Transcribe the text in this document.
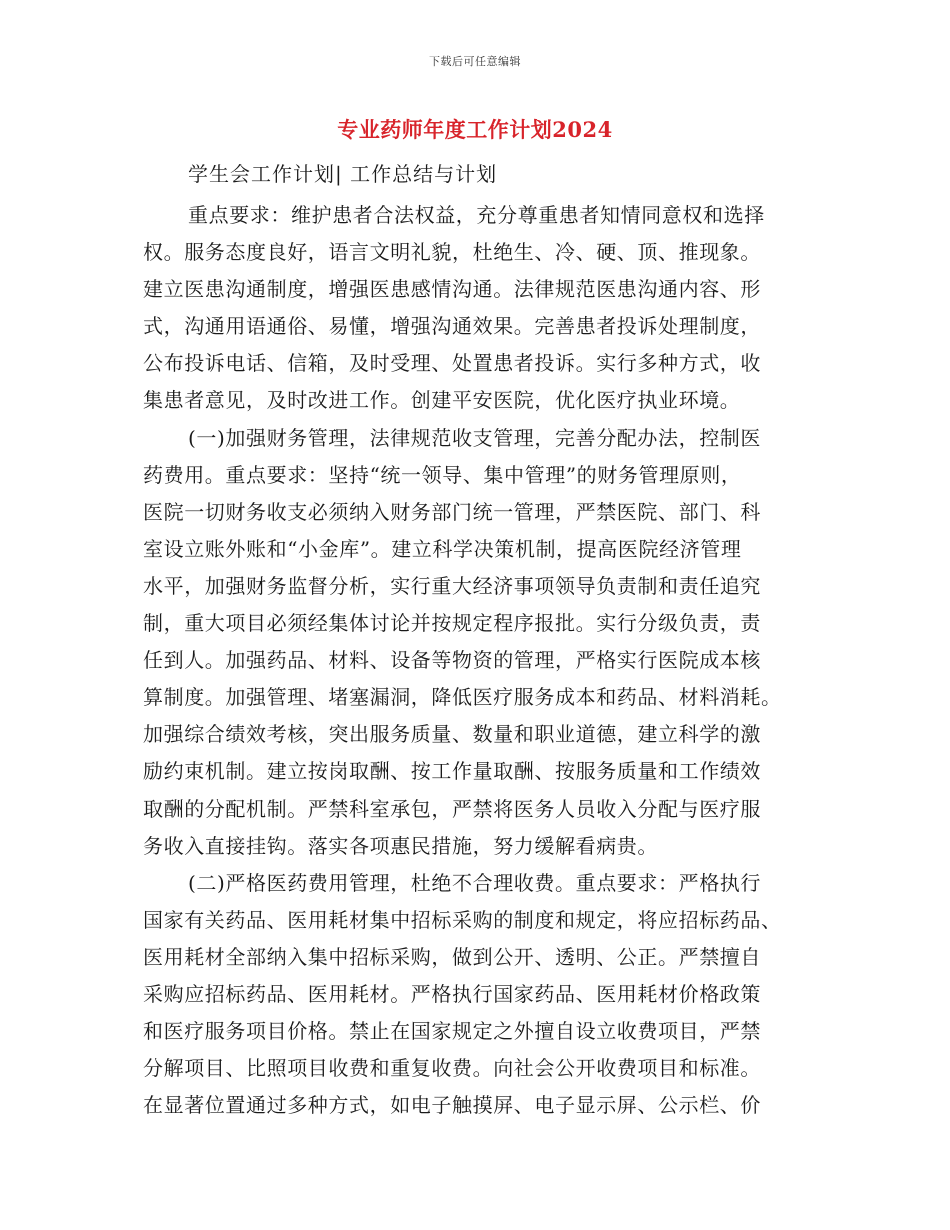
下载后可任意编辑
专业药师年度工作计划2024
学生会工作计划| 工作总结与计划
重点要求：维护患者合法权益，充分尊重患者知情同意权和选择
权。服务态度良好，语言文明礼貌，杜绝生、冷、硬、顶、推现象。
建立医患沟通制度，增强医患感情沟通。法律规范医患沟通内容、形
式，沟通用语通俗、易懂，增强沟通效果。完善患者投诉处理制度，
公布投诉电话、信箱，及时受理、处置患者投诉。实行多种方式，收
集患者意见，及时改进工作。创建平安医院，优化医疗执业环境。
(一)加强财务管理，法律规范收支管理，完善分配办法，控制医
药费用。重点要求：坚持“统一领导、集中管理”的财务管理原则，
医院一切财务收支必须纳入财务部门统一管理，严禁医院、部门、科
室设立账外账和“小金库”。建立科学决策机制，提高医院经济管理
水平，加强财务监督分析，实行重大经济事项领导负责制和责任追究
制，重大项目必须经集体讨论并按规定程序报批。实行分级负责，责
任到人。加强药品、材料、设备等物资的管理，严格实行医院成本核
算制度。加强管理、堵塞漏洞，降低医疗服务成本和药品、材料消耗。
加强综合绩效考核，突出服务质量、数量和职业道德，建立科学的激
励约束机制。建立按岗取酬、按工作量取酬、按服务质量和工作绩效
取酬的分配机制。严禁科室承包，严禁将医务人员收入分配与医疗服
务收入直接挂钩。落实各项惠民措施，努力缓解看病贵。
(二)严格医药费用管理，杜绝不合理收费。重点要求：严格执行
国家有关药品、医用耗材集中招标采购的制度和规定，将应招标药品、
医用耗材全部纳入集中招标采购，做到公开、透明、公正。严禁擅自
采购应招标药品、医用耗材。严格执行国家药品、医用耗材价格政策
和医疗服务项目价格。禁止在国家规定之外擅自设立收费项目，严禁
分解项目、比照项目收费和重复收费。向社会公开收费项目和标准。
在显著位置通过多种方式，如电子触摸屏、电子显示屏、公示栏、价
